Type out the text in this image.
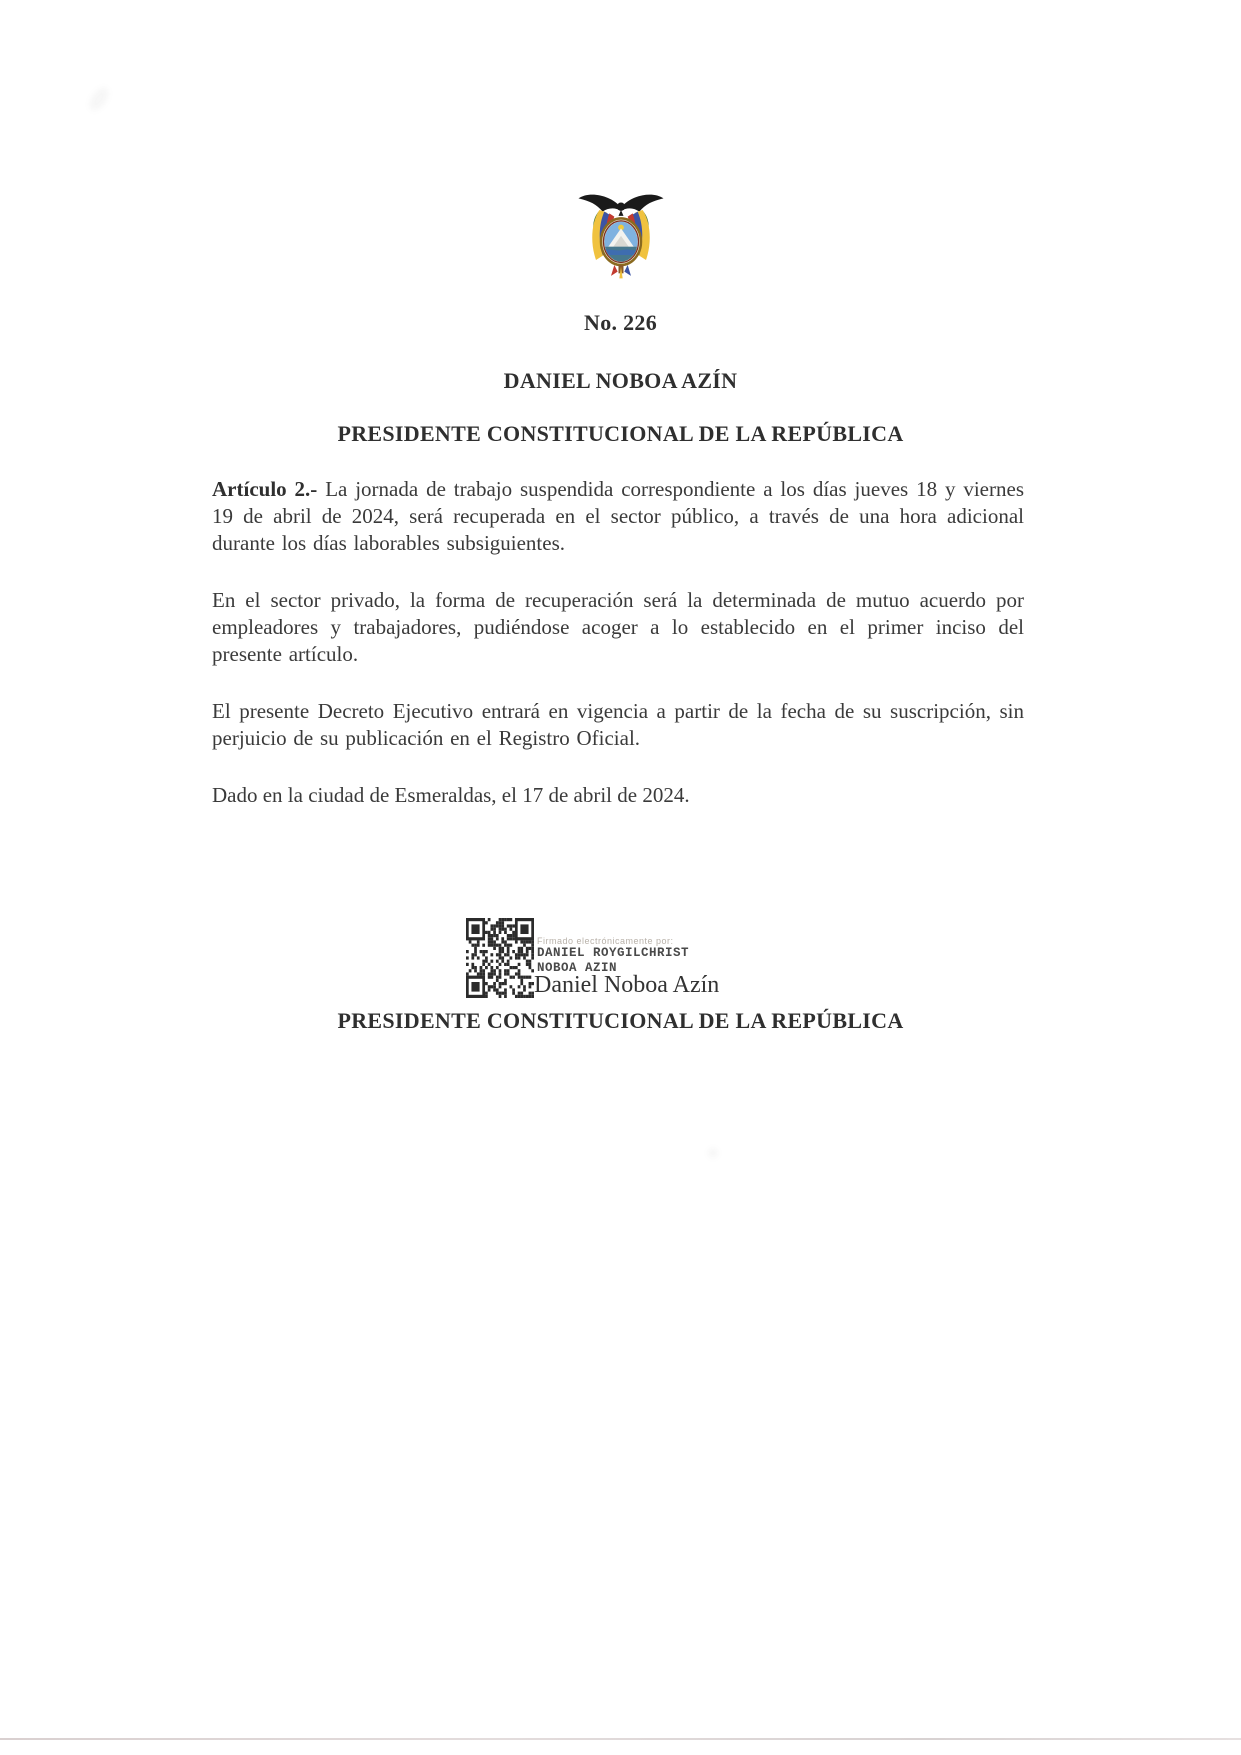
No. 226
DANIEL NOBOA AZÍN
PRESIDENTE CONSTITUCIONAL DE LA REPÚBLICA

Artículo 2.- La jornada de trabajo suspendida correspondiente a los días jueves 18 y viernes 19 de abril de 2024, será recuperada en el sector público, a través de una hora adicional durante los días laborables subsiguientes.

En el sector privado, la forma de recuperación será la determinada de mutuo acuerdo por empleadores y trabajadores, pudiéndose acoger a lo establecido en el primer inciso del presente artículo.

El presente Decreto Ejecutivo entrará en vigencia a partir de la fecha de su suscripción, sin perjuicio de su publicación en el Registro Oficial.

Dado en la ciudad de Esmeraldas, el 17 de abril de 2024.
Firmado electrónicamente por:
DANIEL ROYGILCHRIST
NOBOA AZIN
Daniel Noboa Azín
PRESIDENTE CONSTITUCIONAL DE LA REPÚBLICA
